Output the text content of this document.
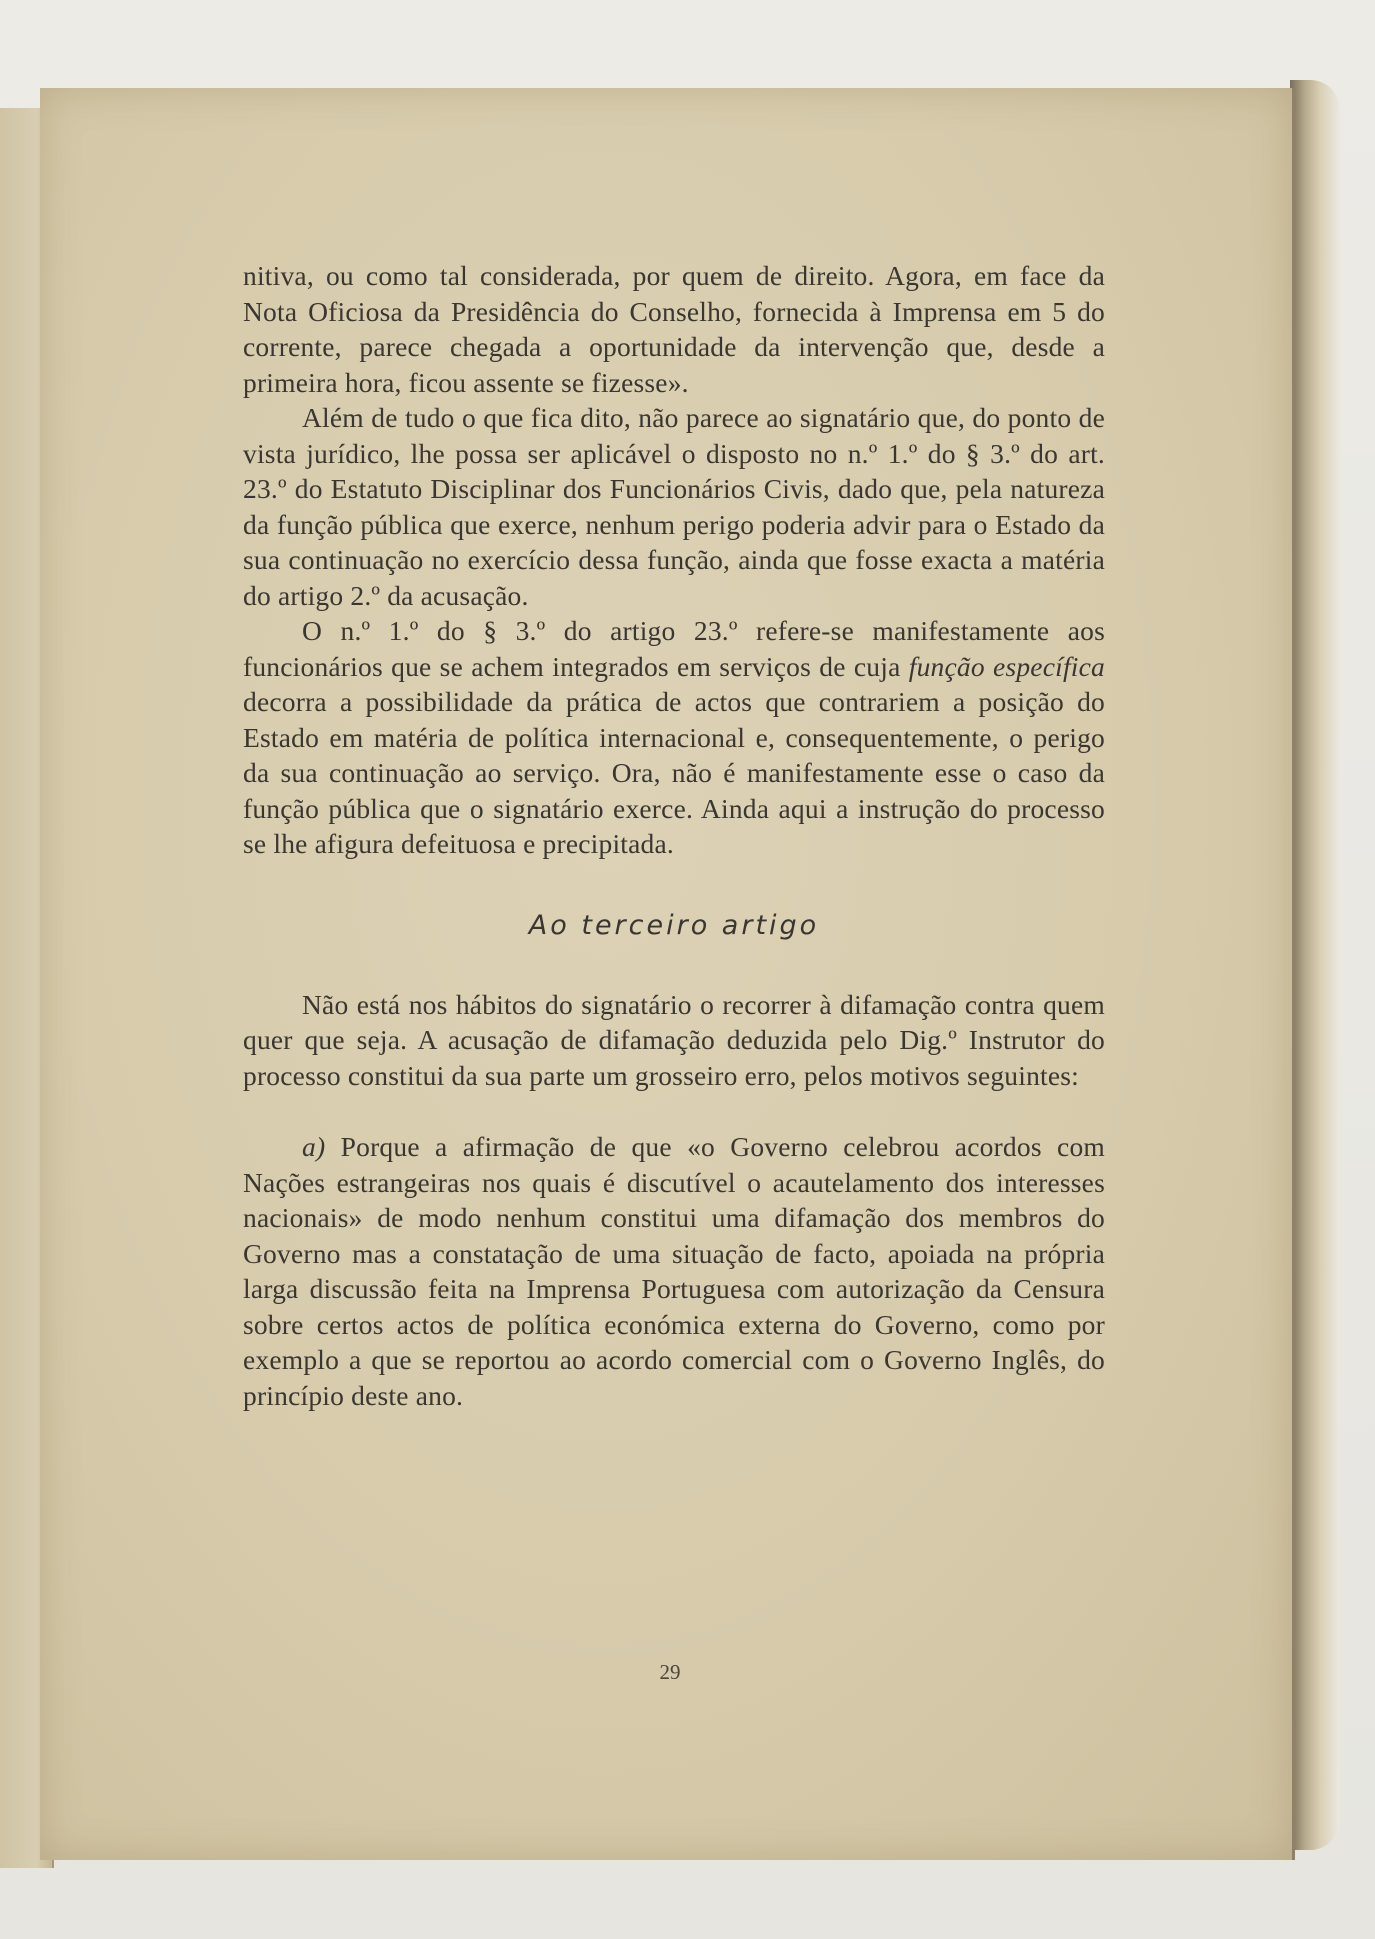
nitiva, ou como tal considerada, por quem de direito. Agora, em face da Nota Oficiosa da Presidência do Conselho, fornecida à Imprensa em 5 do corrente, parece chegada a oportunidade da intervenção que, desde a primeira hora, ficou assente se fizesse».

Além de tudo o que fica dito, não parece ao signatário que, do ponto de vista jurídico, lhe possa ser aplicável o disposto no n.º 1.º do § 3.º do art. 23.º do Estatuto Disciplinar dos Funcionários Civis, dado que, pela natureza da função pública que exerce, nenhum perigo poderia advir para o Estado da sua continuação no exercício dessa função, ainda que fosse exacta a matéria do artigo 2.º da acusação.

O n.º 1.º do § 3.º do artigo 23.º refere-se manifestamente aos funcionários que se achem integrados em serviços de cuja função específica decorra a possibilidade da prática de actos que contrariem a posição do Estado em matéria de política internacional e, consequentemente, o perigo da sua continuação ao serviço. Ora, não é manifestamente esse o caso da função pública que o signatário exerce. Ainda aqui a instrução do processo se lhe afigura defeituosa e precipitada.

Ao terceiro artigo

Não está nos hábitos do signatário o recorrer à difamação contra quem quer que seja. A acusação de difamação deduzida pelo Dig.º Instrutor do processo constitui da sua parte um grosseiro erro, pelos motivos seguintes:

a) Porque a afirmação de que «o Governo celebrou acordos com Nações estrangeiras nos quais é discutível o acautelamento dos interesses nacionais» de modo nenhum constitui uma difamação dos membros do Governo mas a constatação de uma situação de facto, apoiada na própria larga discussão feita na Imprensa Portuguesa com autorização da Censura sobre certos actos de política económica externa do Governo, como por exemplo a que se reportou ao acordo comercial com o Governo Inglês, do princípio deste ano.

29
